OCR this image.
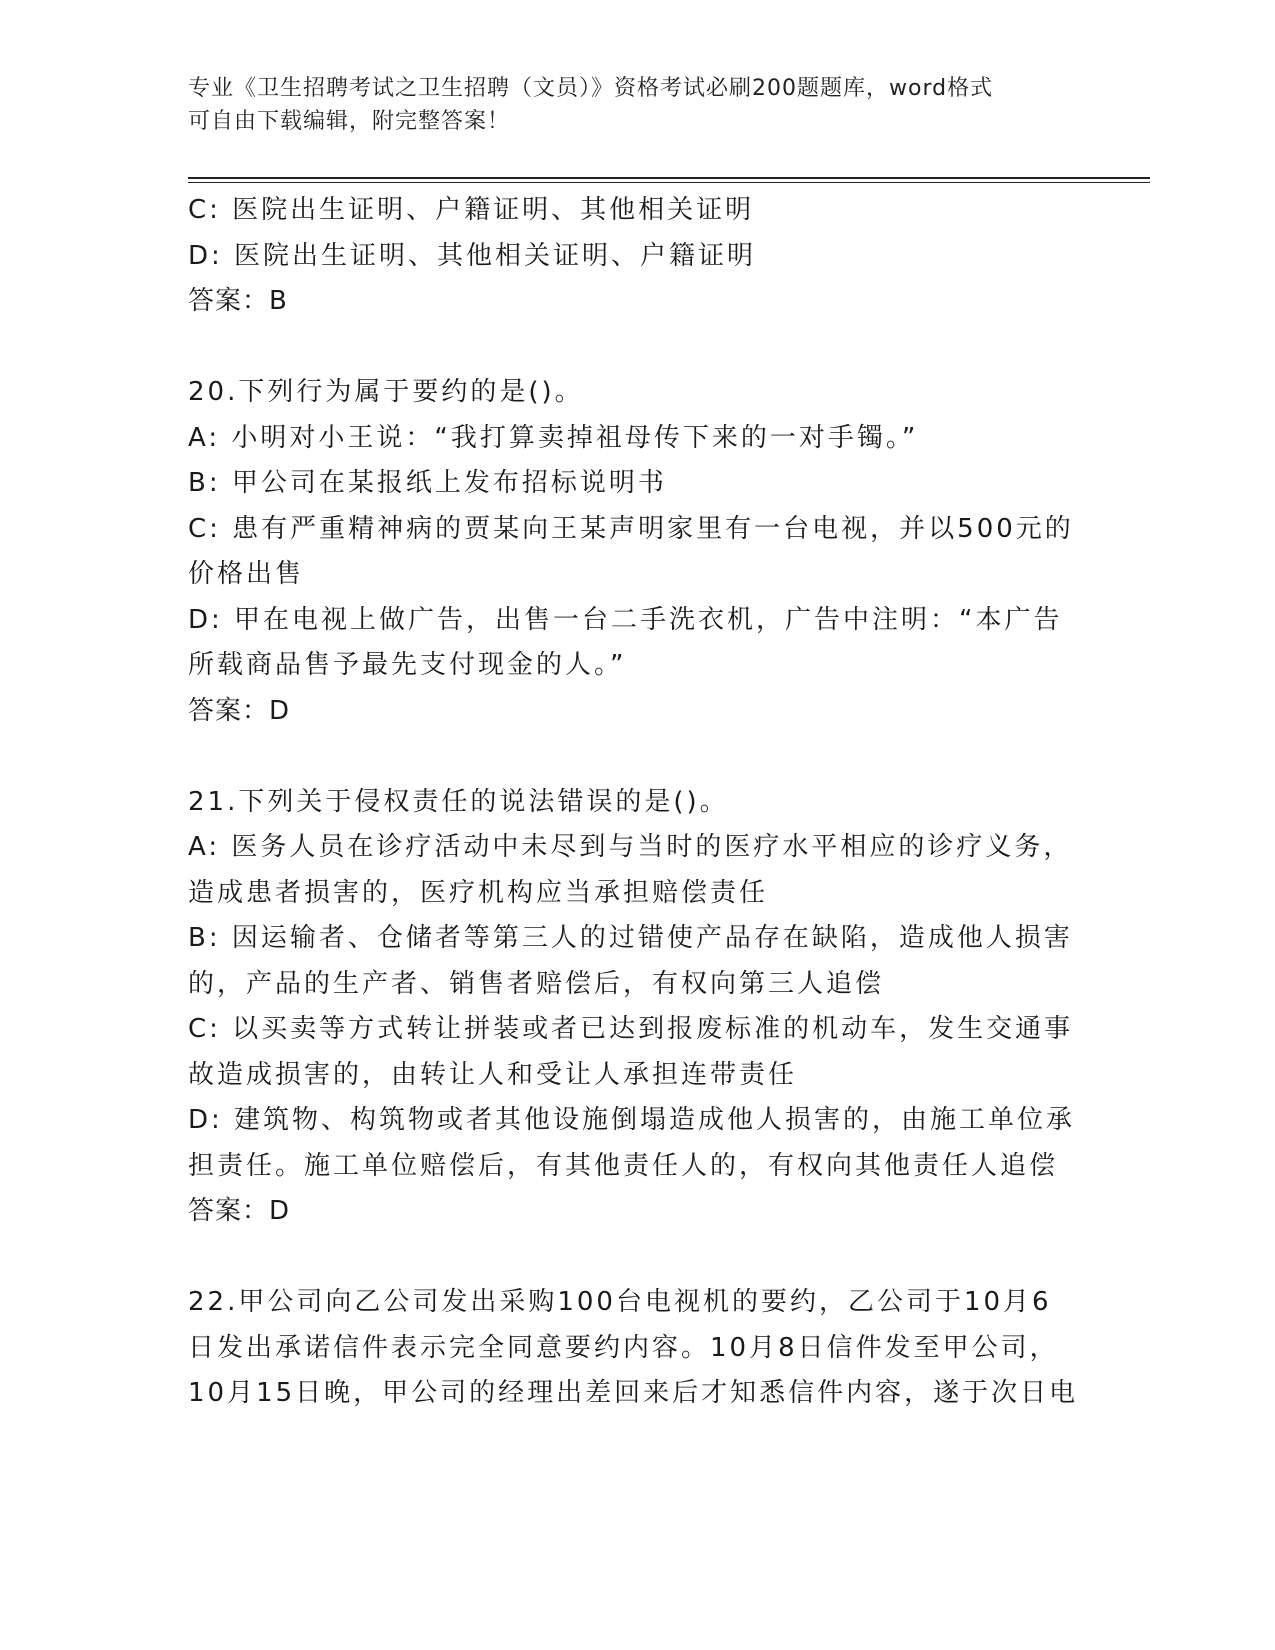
专业《卫生招聘考试之卫生招聘（文员）》资格考试必刷200题题库，word格式
可自由下载编辑，附完整答案！
C: 医院出生证明、户籍证明、其他相关证明
D: 医院出生证明、其他相关证明、户籍证明
答案：B
20.下列行为属于要约的是()。
A: 小明对小王说：“我打算卖掉祖母传下来的一对手镯。”
B: 甲公司在某报纸上发布招标说明书
C: 患有严重精神病的贾某向王某声明家里有一台电视，并以500元的
价格出售
D: 甲在电视上做广告，出售一台二手洗衣机，广告中注明：“本广告
所载商品售予最先支付现金的人。”
答案：D
21.下列关于侵权责任的说法错误的是()。
A: 医务人员在诊疗活动中未尽到与当时的医疗水平相应的诊疗义务，
造成患者损害的，医疗机构应当承担赔偿责任
B: 因运输者、仓储者等第三人的过错使产品存在缺陷，造成他人损害
的，产品的生产者、销售者赔偿后，有权向第三人追偿
C: 以买卖等方式转让拼装或者已达到报废标准的机动车，发生交通事
故造成损害的，由转让人和受让人承担连带责任
D: 建筑物、构筑物或者其他设施倒塌造成他人损害的，由施工单位承
担责任。施工单位赔偿后，有其他责任人的，有权向其他责任人追偿
答案：D
22.甲公司向乙公司发出采购100台电视机的要约，乙公司于10月6
日发出承诺信件表示完全同意要约内容。10月8日信件发至甲公司，
10月15日晚，甲公司的经理出差回来后才知悉信件内容，遂于次日电
